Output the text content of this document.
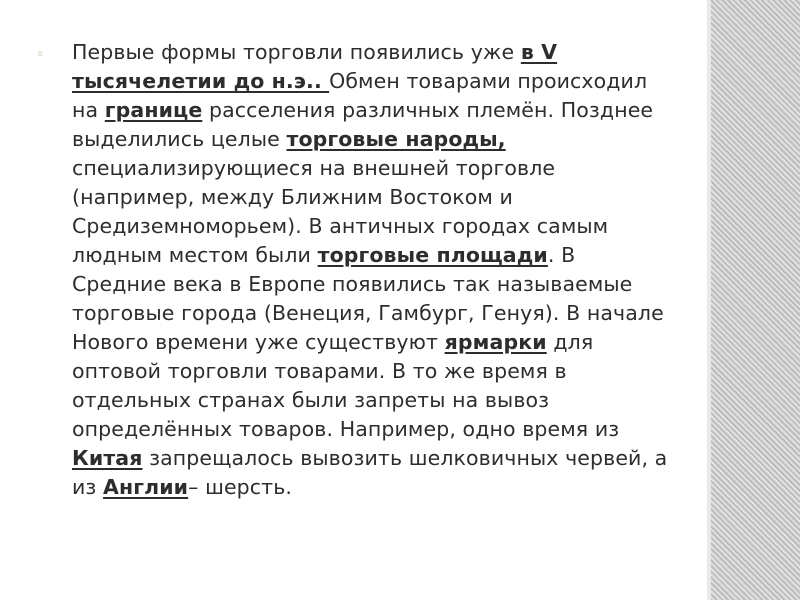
◦ Первые формы торговли появились уже в V тысячелетии до н.э.. Обмен товарами происходил на границе расселения различных племён. Позднее выделились целые торговые народы, специализирующиеся на внешней торговле (например, между Ближним Востоком и Средиземноморьем). В античных городах самым людным местом были торговые площади. В Средние века в Европе появились так называемые торговые города (Венеция, Гамбург, Генуя). В начале Нового времени уже существуют ярмарки для оптовой торговли товарами. В то же время в отдельных странах были запреты на вывоз определённых товаров. Например, одно время из Китая запрещалось вывозить шелковичных червей, а из Англии– шерсть.
